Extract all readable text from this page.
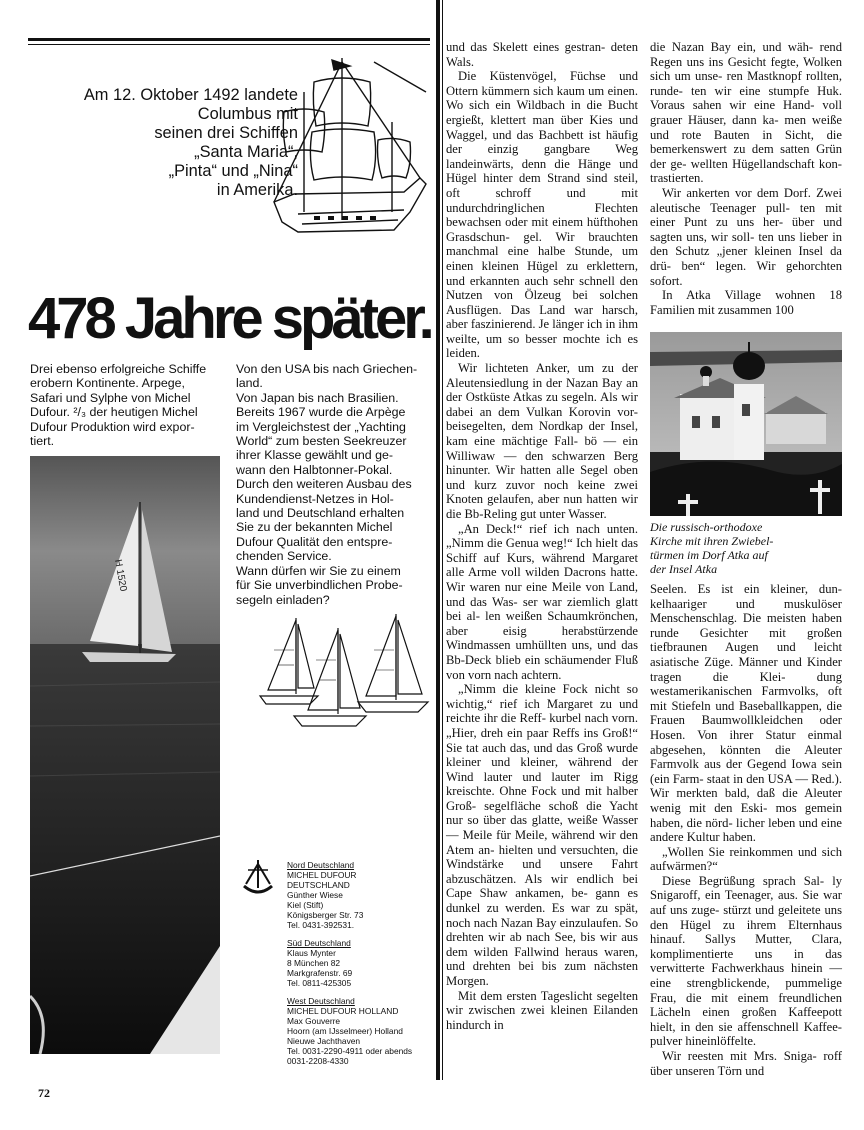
Am 12. Oktober 1492 landete
Columbus mit
seinen drei Schiffen
„Santa Maria“,
„Pinta“ und „Nina“
in Amerika.
478 Jahre später.
Drei ebenso erfolgreiche Schiffe
erobern Kontinente. Arpege,
Safari und Sylphe von Michel
Dufour. ²/₃ der heutigen Michel
Dufour Produktion wird expor-
tiert.
Von den USA bis nach Griechen-
land.
Von Japan bis nach Brasilien.
Bereits 1967 wurde die Arpège
im Vergleichstest der „Yachting
World“ zum besten Seekreuzer
ihrer Klasse gewählt und ge-
wann den Halbtonner-Pokal.
Durch den weiteren Ausbau des
Kundendienst-Netzes in Hol-
land und Deutschland erhalten
Sie zu der bekannten Michel
Dufour Qualität den entspre-
chenden Service.
Wann dürfen wir Sie zu einem
für Sie unverbindlichen Probe-
segeln einladen?
H 1520
Nord Deutschland
MICHEL DUFOUR
DEUTSCHLAND
Günther Wiese
Kiel (Stift)
Königsberger Str. 73
Tel. 0431-392531.
Süd Deutschland
Klaus Mynter
8 München 82
Markgrafenstr. 69
Tel. 0811-425305
West Deutschland
MICHEL DUFOUR HOLLAND
Max Gouverre
Hoorn (am IJsselmeer) Holland
Nieuwe Jachthaven
Tel. 0031-2290-4911 oder abends
0031-2208-4330
72

und das Skelett eines gestran- deten Wals.

Die Küstenvögel, Füchse und Ottern kümmern sich kaum um einen. Wo sich ein Wildbach in die Bucht ergießt, klettert man über Kies und Waggel, und das Bachbett ist häufig der einzig gangbare Weg landeinwärts, denn die Hänge und Hügel hinter dem Strand sind steil, oft schroff und mit undurchdringlichen Flechten bewachsen oder mit einem hüfthohen Grasdschun- gel. Wir brauchten manchmal eine halbe Stunde, um einen kleinen Hügel zu erklettern, und erkannten auch sehr schnell den Nutzen von Ölzeug bei solchen Ausflügen. Das Land war harsch, aber faszinierend. Je länger ich in ihm weilte, um so besser mochte ich es leiden.

Wir lichteten Anker, um zu der Aleutensiedlung in der Nazan Bay an der Ostküste Atkas zu segeln. Als wir dabei an dem Vulkan Korovin vor- beisegelten, dem Nordkap der Insel, kam eine mächtige Fall- bö — ein Williwaw — den schwarzen Berg hinunter. Wir hatten alle Segel oben und kurz zuvor noch keine zwei Knoten gelaufen, aber nun hatten wir die Bb-Reling gut unter Wasser.

„An Deck!“ rief ich nach unten. „Nimm die Genua weg!“ Ich hielt das Schiff auf Kurs, während Margaret alle Arme voll wilden Dacrons hatte. Wir waren nur eine Meile von Land, und das Was- ser war ziemlich glatt bei al- len weißen Schaumkrönchen, aber eisig herabstürzende Windmassen umhüllten uns, und das Bb-Deck blieb ein schäumender Fluß von vorn nach achtern.

„Nimm die kleine Fock nicht so wichtig,“ rief ich Margaret zu und reichte ihr die Reff- kurbel nach vorn. „Hier, dreh ein paar Reffs ins Groß!“ Sie tat auch das, und das Groß wurde kleiner und kleiner, während der Wind lauter und lauter im Rigg kreischte. Ohne Fock und mit halber Groß- segelfläche schoß die Yacht nur so über das glatte, weiße Wasser — Meile für Meile, während wir den Atem an- hielten und versuchten, die Windstärke und unsere Fahrt abzuschätzen. Als wir endlich bei Cape Shaw ankamen, be- gann es dunkel zu werden. Es war zu spät, noch nach Nazan Bay einzulaufen. So drehten wir ab nach See, bis wir aus dem wilden Fallwind heraus waren, und drehten bei bis zum nächsten Morgen.

Mit dem ersten Tageslicht segelten wir zwischen zwei kleinen Eilanden hindurch in

die Nazan Bay ein, und wäh- rend Regen uns ins Gesicht fegte, Wolken sich um unse- ren Mastknopf rollten, runde- ten wir eine stumpfe Huk. Voraus sahen wir eine Hand- voll grauer Häuser, dann ka- men weiße und rote Bauten in Sicht, die bemerkenswert zu dem satten Grün der ge- wellten Hügellandschaft kon- trastierten.

Wir ankerten vor dem Dorf. Zwei aleutische Teenager pull- ten mit einer Punt zu uns her- über und sagten uns, wir soll- ten uns lieber in den Schutz „jener kleinen Insel da drü- ben“ legen. Wir gehorchten sofort.

In Atka Village wohnen 18 Familien mit zusammen 100

Die russisch-orthodoxe
Kirche mit ihren Zwiebel-
türmen im Dorf Atka auf
der Insel Atka

Seelen. Es ist ein kleiner, dun- kelhaariger und muskulöser Menschenschlag. Die meisten haben runde Gesichter mit großen tiefbraunen Augen und leicht asiatische Züge. Männer und Kinder tragen die Klei- dung westamerikanischen Farmvolks, oft mit Stiefeln und Baseballkappen, die Frauen Baumwollkleidchen oder Hosen. Von ihrer Statur einmal abgesehen, könnten die Aleuter Farmvolk aus der Gegend Iowa sein (ein Farm- staat in den USA — Red.). Wir merkten bald, daß die Aleuter wenig mit den Eski- mos gemein haben, die nörd- licher leben und eine andere Kultur haben.

„Wollen Sie reinkommen und sich aufwärmen?“

Diese Begrüßung sprach Sal- ly Snigaroff, ein Teenager, aus. Sie war auf uns zuge- stürzt und geleitete uns den Hügel zu ihrem Elternhaus hinauf. Sallys Mutter, Clara, komplimentierte uns in das verwitterte Fachwerkhaus hinein — eine strengblickende, pummelige Frau, die mit einem freundlichen Lächeln einen großen Kaffeepott hielt, in den sie affenschnell Kaffee- pulver hineinlöffelte.

Wir reesten mit Mrs. Sniga- roff über unseren Törn und
